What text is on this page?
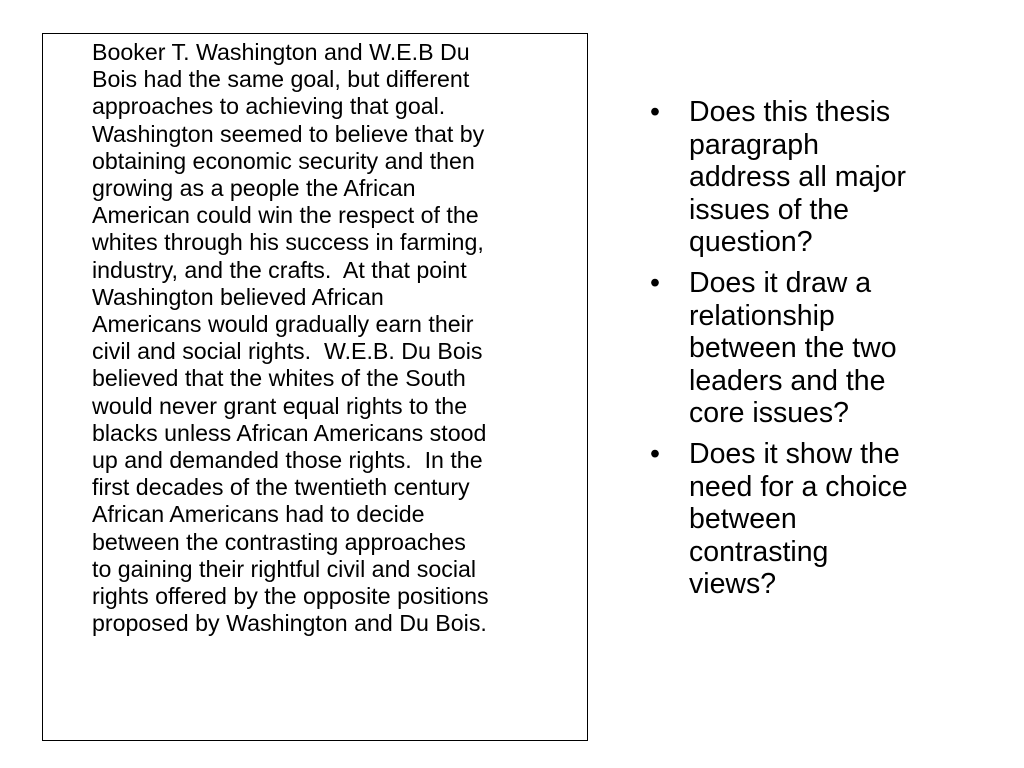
Booker T. Washington and W.E.B Du
Bois had the same goal, but different
approaches to achieving that goal.
Washington seemed to believe that by
obtaining economic security and then
growing as a people the African
American could win the respect of the
whites through his success in farming,
industry, and the crafts.  At that point
Washington believed African
Americans would gradually earn their
civil and social rights.  W.E.B. Du Bois
believed that the whites of the South
would never grant equal rights to the
blacks unless African Americans stood
up and demanded those rights.  In the
first decades of the twentieth century
African Americans had to decide
between the contrasting approaches
to gaining their rightful civil and social
rights offered by the opposite positions
proposed by Washington and Du Bois.

•	Does this thesis
paragraph
address all major
issues of the
question?
•	Does it draw a
relationship
between the two
leaders and the
core issues?
•	Does it show the
need for a choice
between
contrasting
views?
